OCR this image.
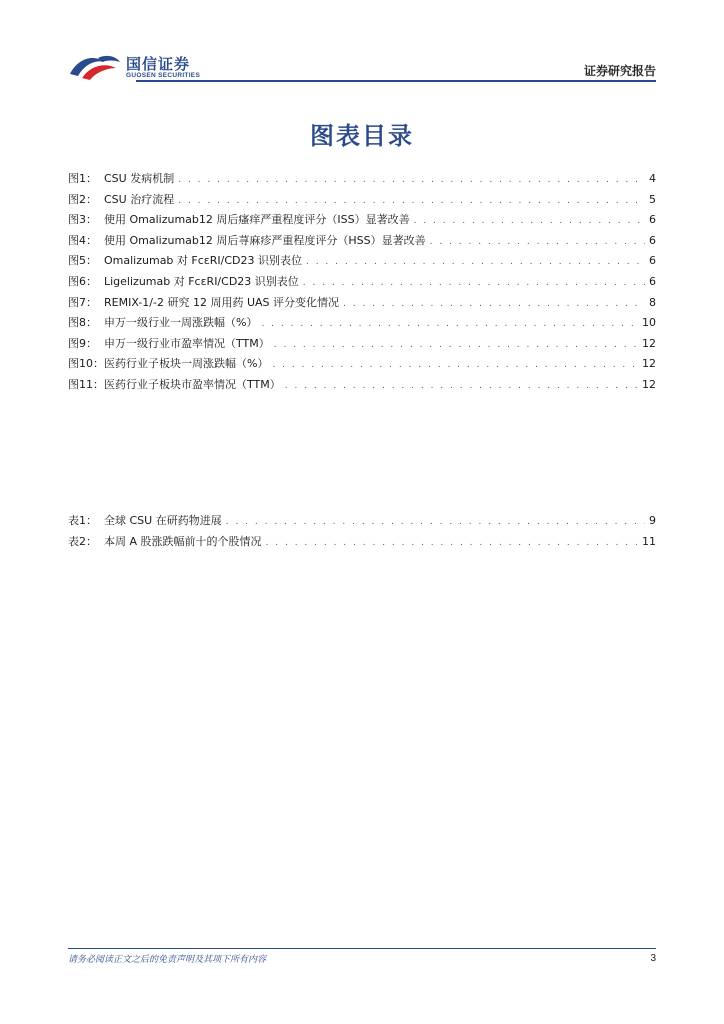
国信证券
GUOSEN SECURITIES	证券研究报告
图表目录
图1： CSU 发病机制 . . .	4
图2： CSU 治疗流程 . . .	5
图3： 使用 Omalizumab12 周后瘙痒严重程度评分（ISS）显著改善 . . .	6
图4： 使用 Omalizumab12 周后荨麻疹严重程度评分（HSS）显著改善 . . .	6
图5： Omalizumab 对 FcεRI/CD23 识别表位 . . .	6
图6： Ligelizumab 对 FcεRI/CD23 识别表位 . . .	6
图7： REMIX-1/-2 研究 12 周用药 UAS 评分变化情况 . . .	8
图8： 申万一级行业一周涨跌幅（%） . . .	10
图9： 申万一级行业市盈率情况（TTM） . . .	12
图10： 医药行业子板块一周涨跌幅（%） . . .	12
图11： 医药行业子板块市盈率情况（TTM） . . .	12
表1： 全球 CSU 在研药物进展 . . .	9
表2： 本周 A 股涨跌幅前十的个股情况 . . .	11
请务必阅读正文之后的免责声明及其项下所有内容	3
